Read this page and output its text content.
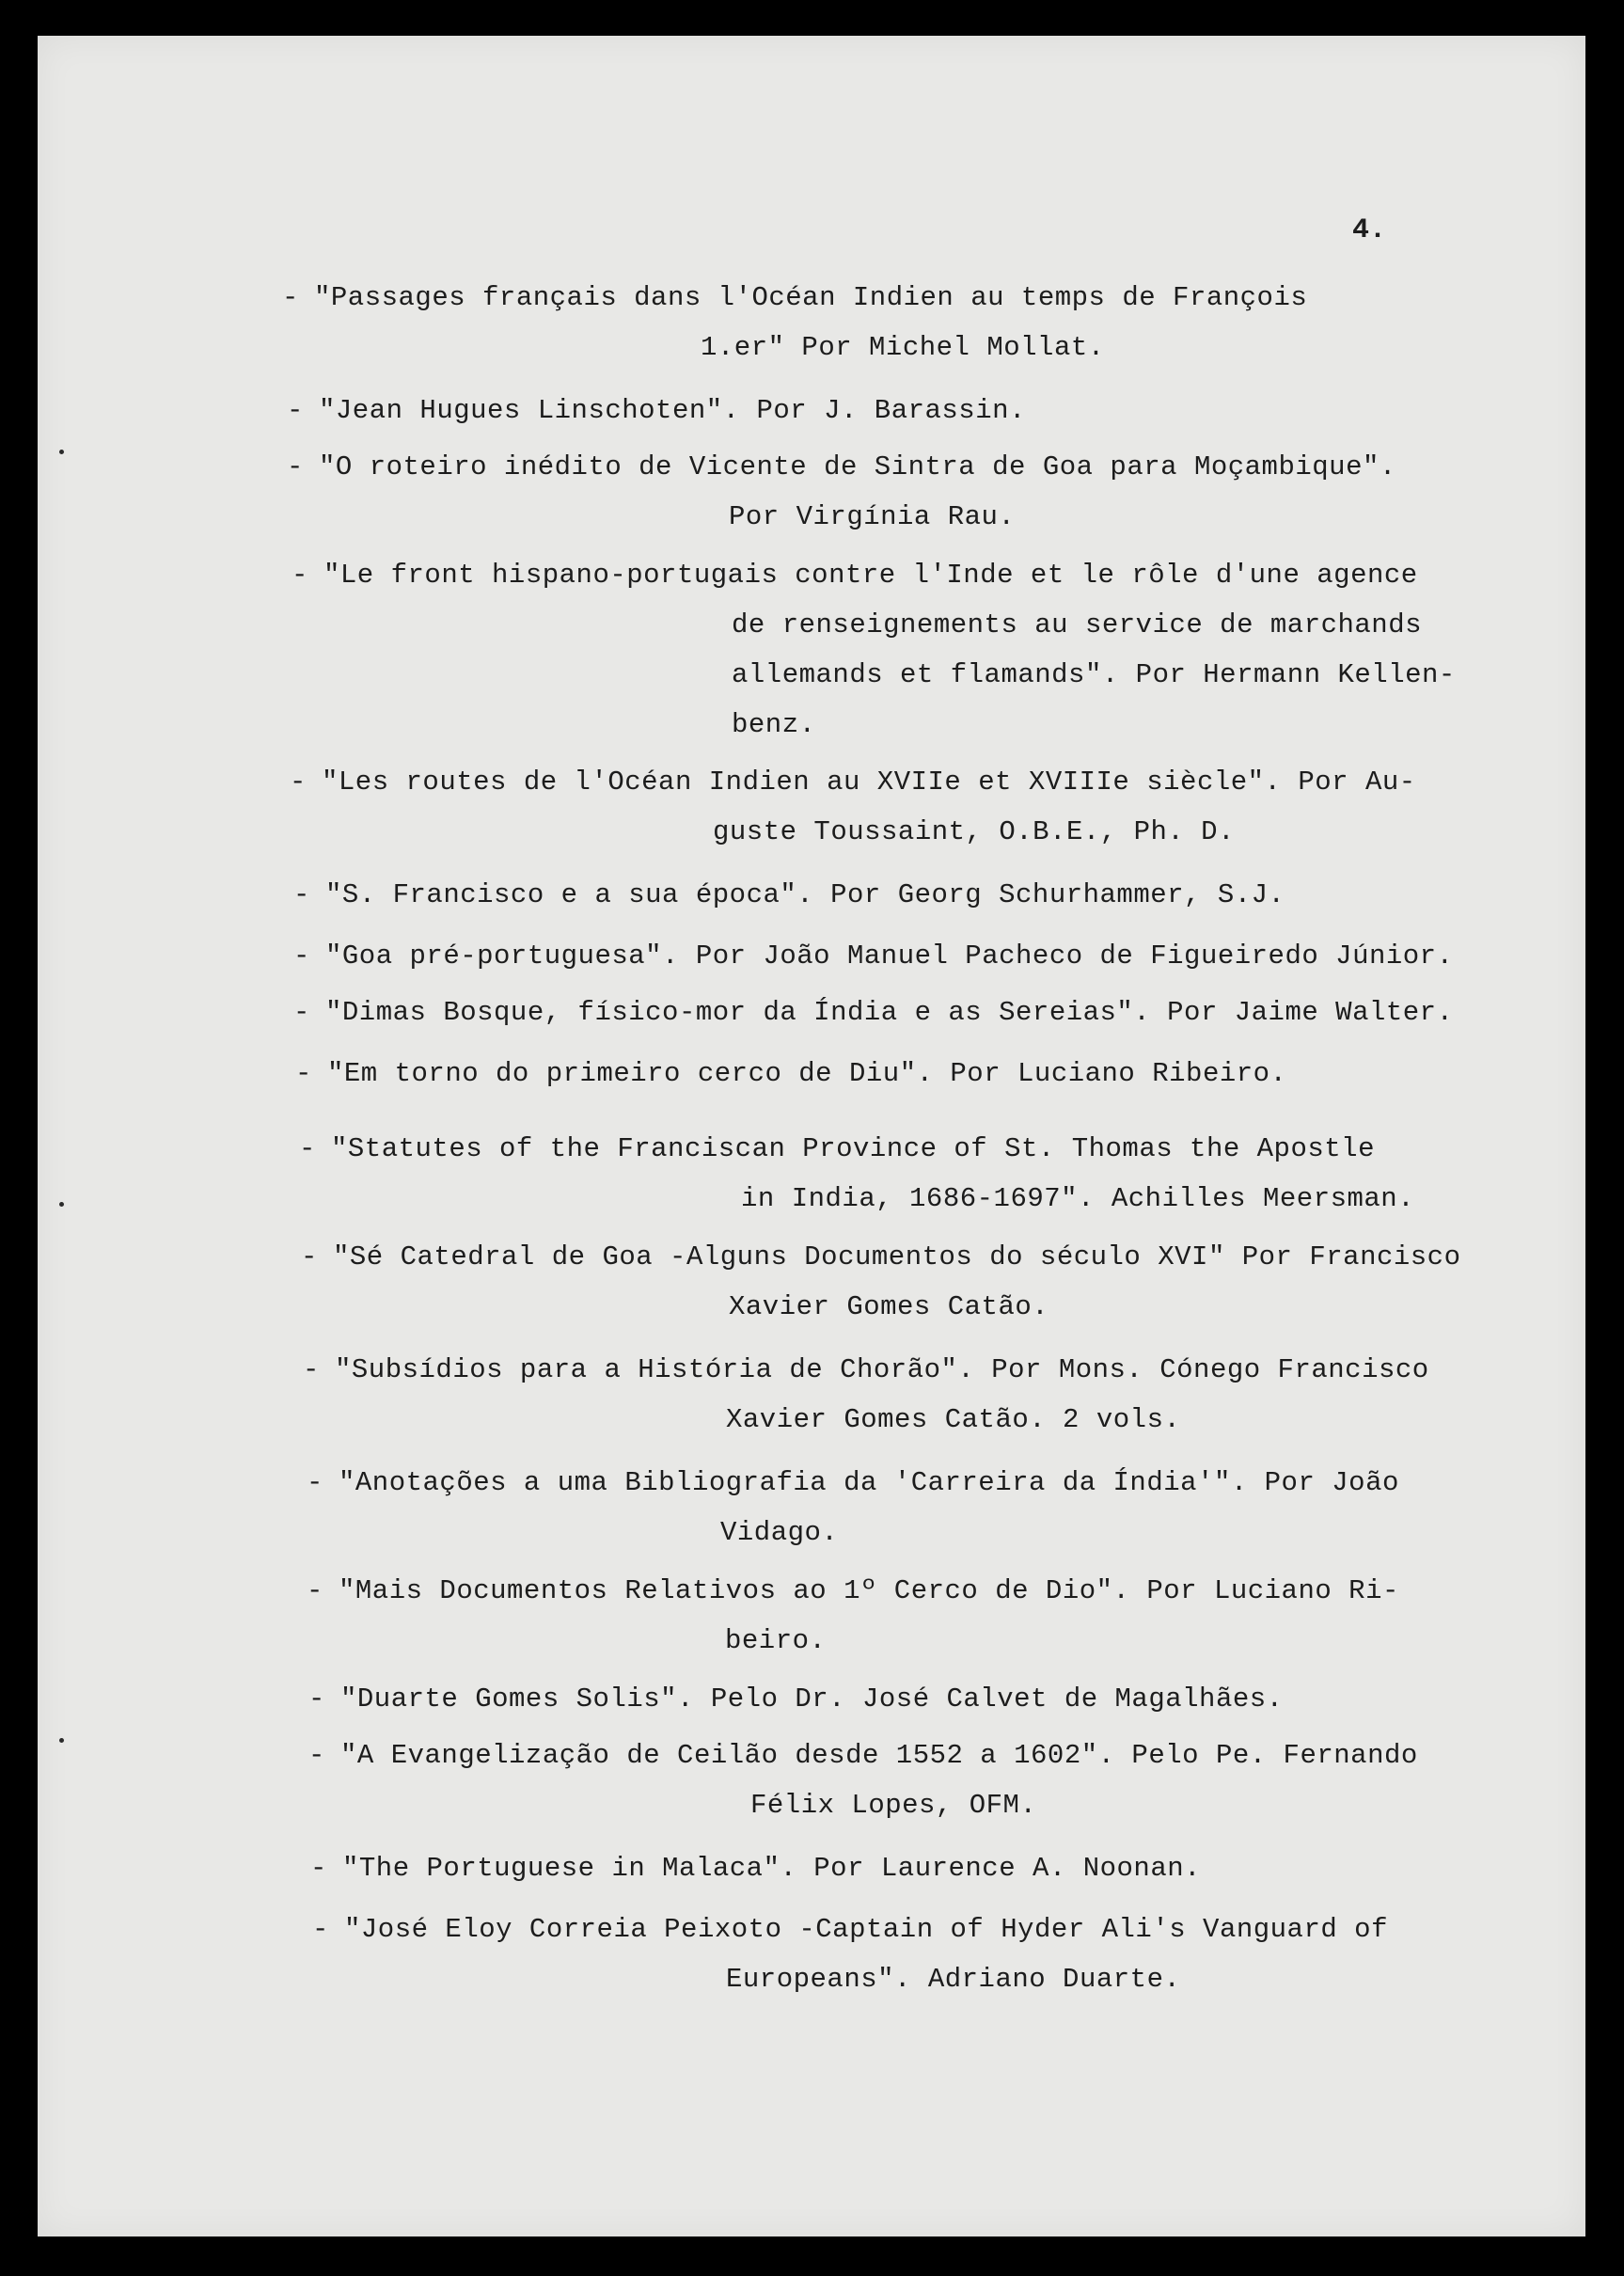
4.
- "Passages français dans l'Océan Indien au temps de François
1.er" Por Michel Mollat.
- "Jean Hugues Linschoten". Por J. Barassin.
- "O roteiro inédito de Vicente de Sintra de Goa para Moçambique".
Por Virgínia Rau.
- "Le front hispano-portugais contre l'Inde et le rôle d'une agence
de renseignements au service de marchands
allemands et flamands". Por Hermann Kellen-
benz.
- "Les routes de l'Océan Indien au XVIIe et XVIIIe siècle". Por Au-
guste Toussaint, O.B.E., Ph. D.
- "S. Francisco e a sua época". Por Georg Schurhammer, S.J.
- "Goa pré-portuguesa". Por João Manuel Pacheco de Figueiredo Júnior.
- "Dimas Bosque, físico-mor da Índia e as Sereias". Por Jaime Walter.
- "Em torno do primeiro cerco de Diu". Por Luciano Ribeiro.
- "Statutes of the Franciscan Province of St. Thomas the Apostle
in India, 1686-1697". Achilles Meersman.
- "Sé Catedral de Goa -Alguns Documentos do século XVI" Por Francisco
Xavier Gomes Catão.
- "Subsídios para a História de Chorão". Por Mons. Cónego Francisco
Xavier Gomes Catão. 2 vols.
- "Anotações a uma Bibliografia da 'Carreira da Índia'". Por João
Vidago.
- "Mais Documentos Relativos ao 1º Cerco de Dio". Por Luciano Ri-
beiro.
- "Duarte Gomes Solis". Pelo Dr. José Calvet de Magalhães.
- "A Evangelização de Ceilão desde 1552 a 1602". Pelo Pe. Fernando
Félix Lopes, OFM.
- "The Portuguese in Malaca". Por Laurence A. Noonan.
- "José Eloy Correia Peixoto -Captain of Hyder Ali's Vanguard of
Europeans". Adriano Duarte.
